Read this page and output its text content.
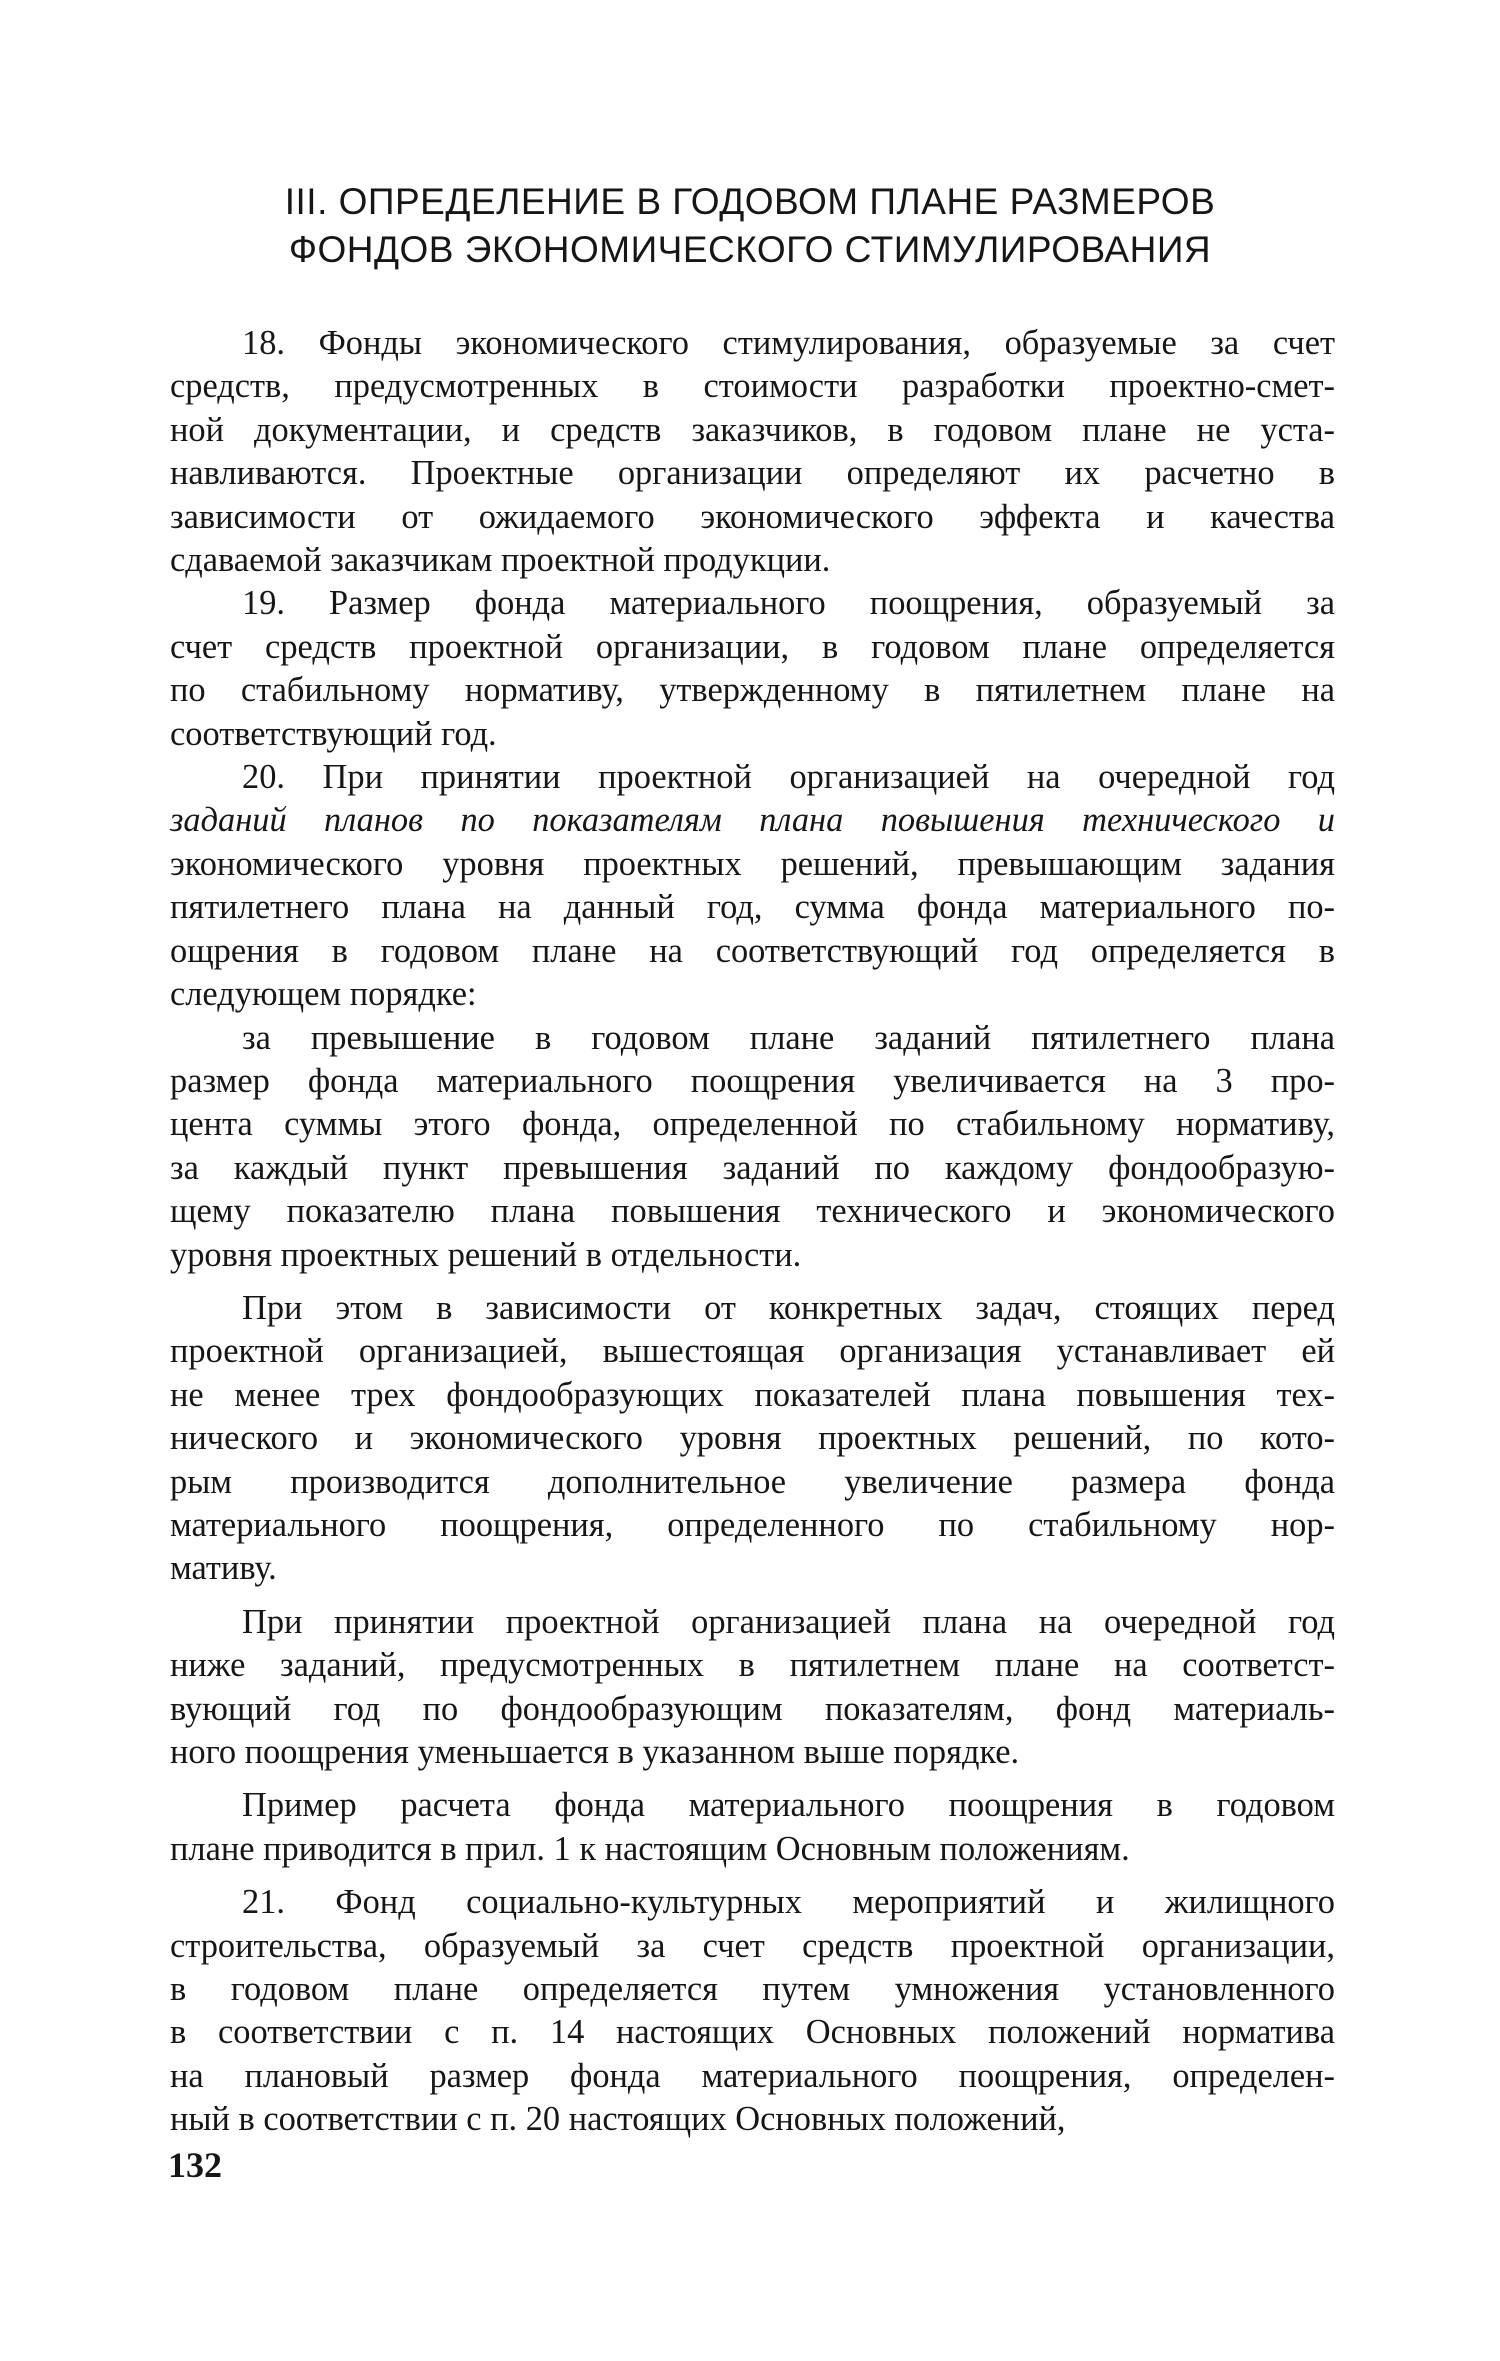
III. ОПРЕДЕЛЕНИЕ В ГОДОВОМ ПЛАНЕ РАЗМЕРОВ
ФОНДОВ ЭКОНОМИЧЕСКОГО СТИМУЛИРОВАНИЯ
18. Фонды экономического стимулирования, образуемые за счет
средств, предусмотренных в стоимости разработки проектно-смет-
ной документации, и средств заказчиков, в годовом плане не уста-
навливаются. Проектные организации определяют их расчетно в
зависимости от ожидаемого экономического эффекта и качества
сдаваемой заказчикам проектной продукции.
19. Размер фонда материального поощрения, образуемый за
счет средств проектной организации, в годовом плане определяется
по стабильному нормативу, утвержденному в пятилетнем плане на
соответствующий год.
20. При принятии проектной организацией на очередной год
заданий планов по показателям плана повышения технического и
экономического уровня проектных решений, превышающим задания
пятилетнего плана на данный год, сумма фонда материального по-
ощрения в годовом плане на соответствующий год определяется в
следующем порядке:
за превышение в годовом плане заданий пятилетнего плана
размер фонда материального поощрения увеличивается на 3 про-
цента суммы этого фонда, определенной по стабильному нормативу,
за каждый пункт превышения заданий по каждому фондообразую-
щему показателю плана повышения технического и экономического
уровня проектных решений в отдельности.
При этом в зависимости от конкретных задач, стоящих перед
проектной организацией, вышестоящая организация устанавливает ей
не менее трех фондообразующих показателей плана повышения тех-
нического и экономического уровня проектных решений, по кото-
рым производится дополнительное увеличение размера фонда
материального поощрения, определенного по стабильному нор-
мативу.
При принятии проектной организацией плана на очередной год
ниже заданий, предусмотренных в пятилетнем плане на соответст-
вующий год по фондообразующим показателям, фонд материаль-
ного поощрения уменьшается в указанном выше порядке.
Пример расчета фонда материального поощрения в годовом
плане приводится в прил. 1 к настоящим Основным положениям.
21. Фонд социально-культурных мероприятий и жилищного
строительства, образуемый за счет средств проектной организации,
в годовом плане определяется путем умножения установленного
в соответствии с п. 14 настоящих Основных положений норматива
на плановый размер фонда материального поощрения, определен-
ный в соответствии с п. 20 настоящих Основных положений,
132
